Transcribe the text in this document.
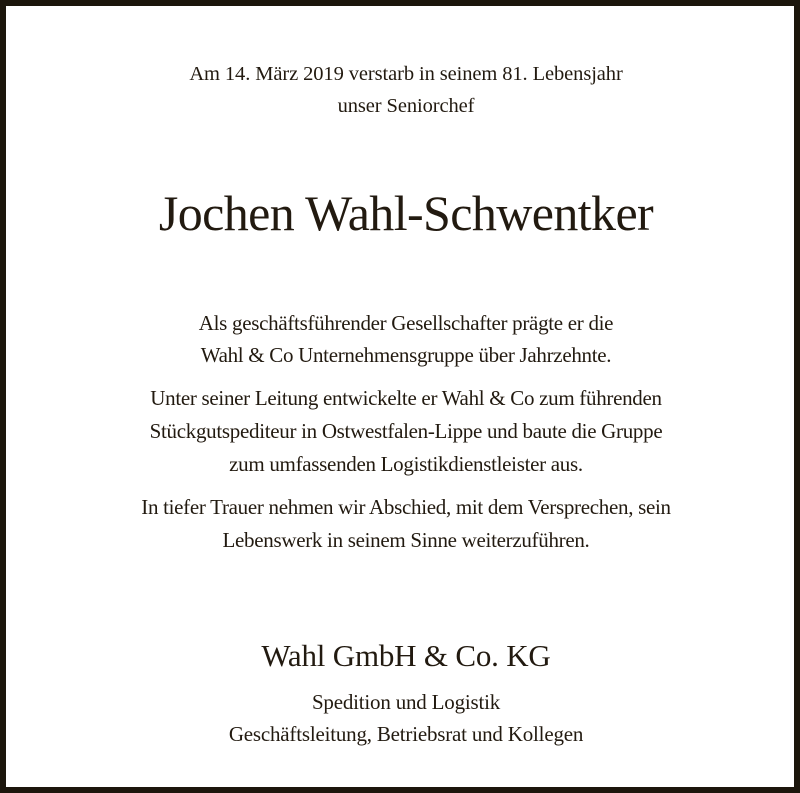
Am 14. März 2019 verstarb in seinem 81. Lebensjahr
unser Seniorchef
Jochen Wahl-Schwentker
Als geschäftsführender Gesellschafter prägte er die
Wahl & Co Unternehmensgruppe über Jahrzehnte.
Unter seiner Leitung entwickelte er Wahl & Co zum führenden
Stückgutspediteur in Ostwestfalen-Lippe und baute die Gruppe
zum umfassenden Logistikdienstleister aus.
In tiefer Trauer nehmen wir Abschied, mit dem Versprechen, sein
Lebenswerk in seinem Sinne weiterzuführen.
Wahl GmbH & Co. KG
Spedition und Logistik
Geschäftsleitung, Betriebsrat und Kollegen
